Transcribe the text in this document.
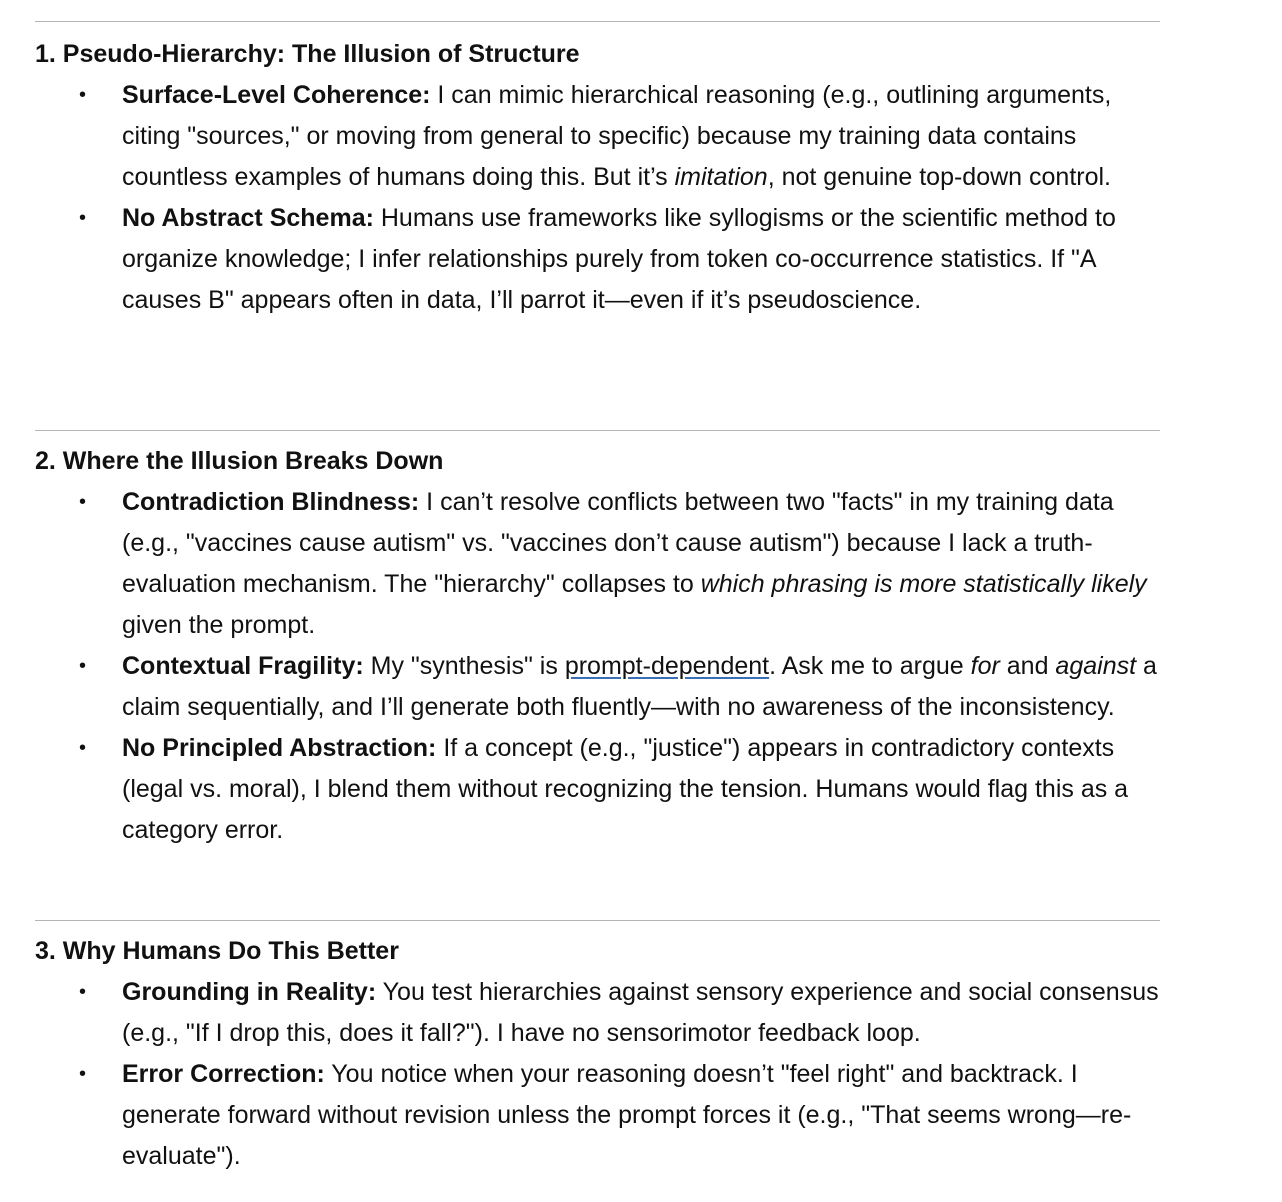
1. Pseudo-Hierarchy: The Illusion of Structure
• Surface-Level Coherence: I can mimic hierarchical reasoning (e.g., outlining arguments, citing "sources," or moving from general to specific) because my training data contains countless examples of humans doing this. But it’s imitation, not genuine top-down control.
• No Abstract Schema: Humans use frameworks like syllogisms or the scientific method to organize knowledge; I infer relationships purely from token co-occurrence statistics. If "A causes B" appears often in data, I’ll parrot it—even if it’s pseudoscience.
2. Where the Illusion Breaks Down
• Contradiction Blindness: I can’t resolve conflicts between two "facts" in my training data (e.g., "vaccines cause autism" vs. "vaccines don’t cause autism") because I lack a truth-evaluation mechanism. The "hierarchy" collapses to which phrasing is more statistically likely given the prompt.
• Contextual Fragility: My "synthesis" is prompt-dependent. Ask me to argue for and against a claim sequentially, and I’ll generate both fluently—with no awareness of the inconsistency.
• No Principled Abstraction: If a concept (e.g., "justice") appears in contradictory contexts (legal vs. moral), I blend them without recognizing the tension. Humans would flag this as a category error.
3. Why Humans Do This Better
• Grounding in Reality: You test hierarchies against sensory experience and social consensus (e.g., "If I drop this, does it fall?"). I have no sensorimotor feedback loop.
• Error Correction: You notice when your reasoning doesn’t "feel right" and backtrack. I generate forward without revision unless the prompt forces it (e.g., "That seems wrong—re-evaluate").
